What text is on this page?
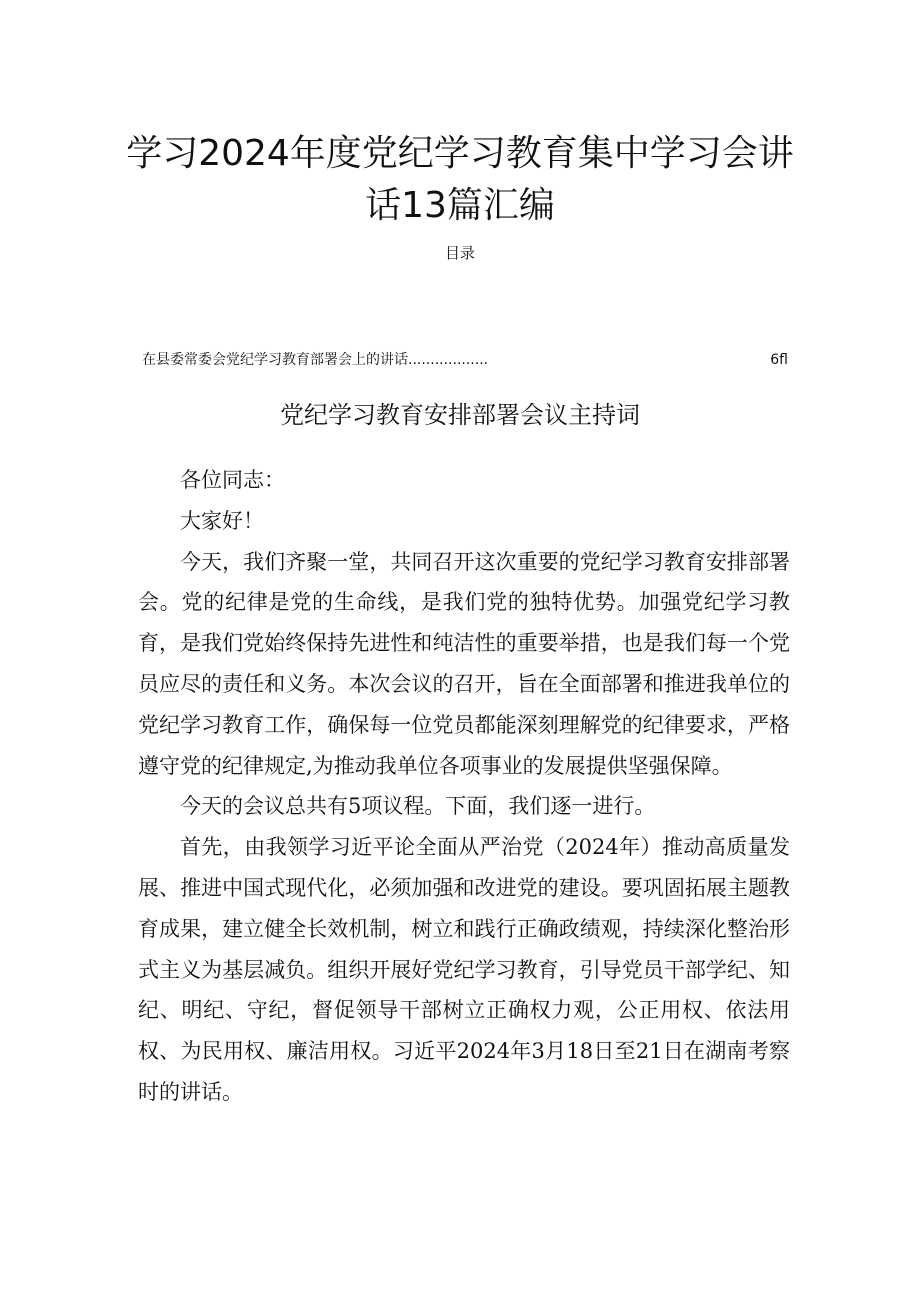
学习2024年度党纪学习教育集中学习会讲
话13篇汇编
目录
在县委常委会党纪学习教育部署会上的讲话..................	6fl
党纪学习教育安排部署会议主持词

各位同志：

大家好！

今天，我们齐聚一堂，共同召开这次重要的党纪学习教育安排部署会。党的纪律是党的生命线，是我们党的独特优势。加强党纪学习教育，是我们党始终保持先进性和纯洁性的重要举措，也是我们每一个党员应尽的责任和义务。本次会议的召开，旨在全面部署和推进我单位的党纪学习教育工作，确保每一位党员都能深刻理解党的纪律要求，严格遵守党的纪律规定,为推动我单位各项事业的发展提供坚强保障。

今天的会议总共有5项议程。下面，我们逐一进行。

首先，由我领学习近平论全面从严治党（2024年）推动高质量发展、推进中国式现代化，必须加强和改进党的建设。要巩固拓展主题教育成果，建立健全长效机制，树立和践行正确政绩观，持续深化整治形式主义为基层减负。组织开展好党纪学习教育，引导党员干部学纪、知纪、明纪、守纪，督促领导干部树立正确权力观，公正用权、依法用权、为民用权、廉洁用权。习近平2024年3月18日至21日在湖南考察时的讲话。
